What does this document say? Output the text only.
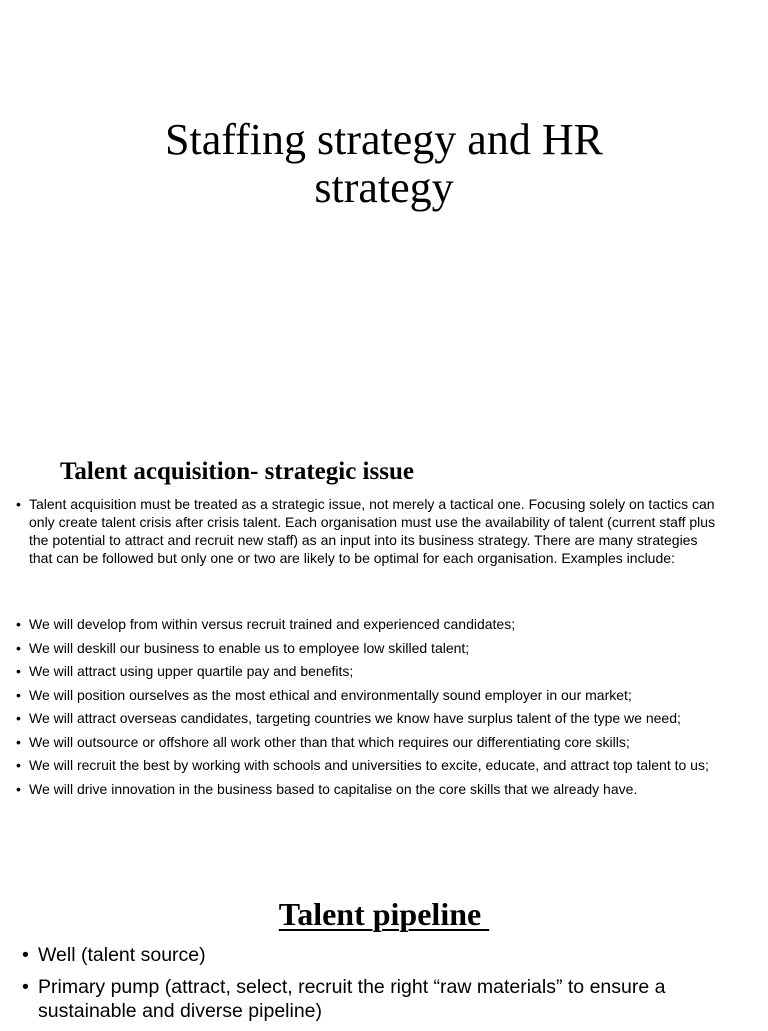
Staffing strategy and HR
strategy
Talent acquisition- strategic issue
• Talent acquisition must be treated as a strategic issue, not merely a tactical one. Focusing solely on tactics can only create talent crisis after crisis talent. Each organisation must use the availability of talent (current staff plus the potential to attract and recruit new staff) as an input into its business strategy. There are many strategies that can be followed but only one or two are likely to be optimal for each organisation. Examples include:
• We will develop from within versus recruit trained and experienced candidates;
• We will deskill our business to enable us to employee low skilled talent;
• We will attract using upper quartile pay and benefits;
• We will position ourselves as the most ethical and environmentally sound employer in our market;
• We will attract overseas candidates, targeting countries we know have surplus talent of the type we need;
• We will outsource or offshore all work other than that which requires our differentiating core skills;
• We will recruit the best by working with schools and universities to excite, educate, and attract top talent to us;
• We will drive innovation in the business based to capitalise on the core skills that we already have.
Talent pipeline
• Well (talent source)
• Primary pump (attract, select, recruit the right “raw materials” to ensure a sustainable and diverse pipeline)
